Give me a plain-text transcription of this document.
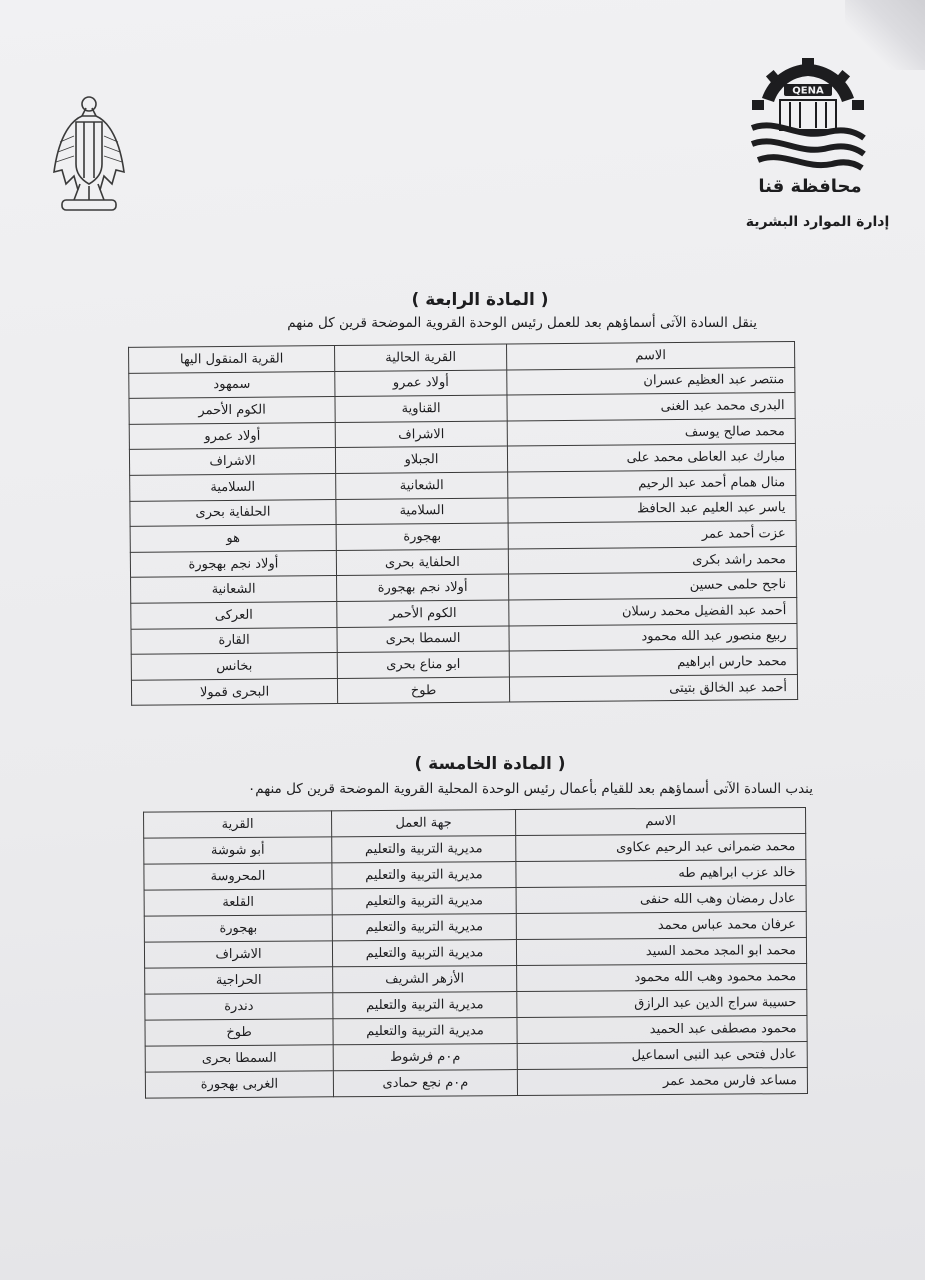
QENA
محافظة قنا
إدارة الموارد البشرية
( المادة الرابعة )
ينقل السادة الآتى أسماؤهم بعد للعمل رئيس الوحدة القروية الموضحة قرين كل منهم
الاسم	القرية الحالية	القرية المنقول اليها
منتصر عبد العظيم عسران	أولاد عمرو	سمهود
البدرى محمد عبد الغنى	القناوية	الكوم الأحمر
محمد صالح يوسف	الاشراف	أولاد عمرو
مبارك عبد العاطى محمد على	الجبلاو	الاشراف
منال همام أحمد عبد الرحيم	الشعانية	السلامية
ياسر عبد العليم عبد الحافظ	السلامية	الحلفاية بحرى
عزت أحمد عمر	بهجورة	هو
محمد راشد بكرى	الحلفاية بحرى	أولاد نجم بهجورة
ناجح حلمى حسين	أولاد نجم بهجورة	الشعانية
أحمد عبد الفضيل محمد رسلان	الكوم الأحمر	العركى
ربيع منصور عبد الله محمود	السمطا بحرى	القارة
محمد حارس ابراهيم	ابو مناع بحرى	بخانس
أحمد عبد الخالق بتيتى	طوخ	البحرى قمولا
( المادة الخامسة )
يندب السادة الآتى أسماؤهم بعد للقيام بأعمال رئيس الوحدة المحلية القروية الموضحة قرين كل منهم٠
الاسم	جهة العمل	القرية
محمد ضمرانى عبد الرحيم عكاوى	مديرية التربية والتعليم	أبو شوشة
خالد عزب ابراهيم طه	مديرية التربية والتعليم	المحروسة
عادل رمضان وهب الله حنفى	مديرية التربية والتعليم	القلعة
عرفان محمد عباس محمد	مديرية التربية والتعليم	بهجورة
محمد ابو المجد محمد السيد	مديرية التربية والتعليم	الاشراف
محمد محمود وهب الله محمود	الأزهر الشريف	الحراجية
حسيبة سراج الدين عبد الرازق	مديرية التربية والتعليم	دندرة
محمود مصطفى عبد الحميد	مديرية التربية والتعليم	طوخ
عادل فتحى عبد النبى اسماعيل	م٠م فرشوط	السمطا بحرى
مساعد فارس محمد عمر	م٠م نجع حمادى	الغربى بهجورة
